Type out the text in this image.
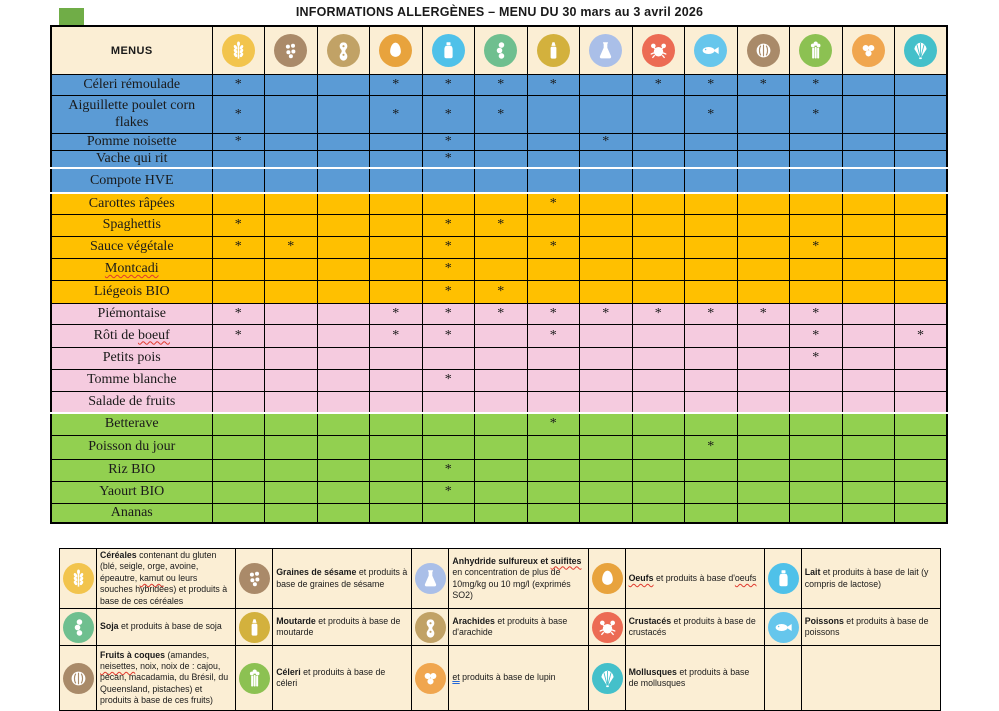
INFORMATIONS ALLERGÈNES – MENU DU 30 mars au 3 avril 2026
MENUS	

Céleri rémoulade	*			*	*	*	*		*	*	*	*		
Aiguillette poulet corn flakes	*			*	*	*				*		*		
Pomme noisette	*				*			*						
Vache qui rit					*									
Compote HVE														
Carottes râpées							*							
Spaghettis	*				*	*								
Sauce végétale	*	*			*		*					*		
Montcadi					*									
Liégeois BIO					*	*								
Piémontaise	*			*	*	*	*	*	*	*	*	*		
Rôti de boeuf	*			*	*		*					*		*
Petits pois												*		
Tomme blanche					*									
Salade de fruits														
Betterave							*							
Poisson du jour										*				
Riz BIO					*									
Yaourt BIO					*									
Ananas														
	Céréales contenant du gluten (blé, seigle, orge, avoine, épeautre, kamut ou leurs souches hybridées) et produits à base de ces céréales		Graines de sésame et produits à base de graines de sésame		Anhydride sulfureux et suifites en concentration de plus de 10mg/kg ou 10 mg/l (exprimés SO2)		Oeufs et produits à base d'oeufs		Lait et produits à base de lait (y compris de lactose)

	Soja et produits à base de soja		Moutarde et produits à base de moutarde		Arachides et produits à base d'arachide		Crustacés et produits à base de crustacés		Poissons et produits à base de poissons

	Fruits à coques (amandes, neisettes, noix, noix de : cajou, pécan, macadamia, du Brésil, du Queensland, pistaches) et produits à base de ces fruits)		Céleri et produits à base de céleri		et produits à base de lupin		Mollusques et produits à base de mollusques		
